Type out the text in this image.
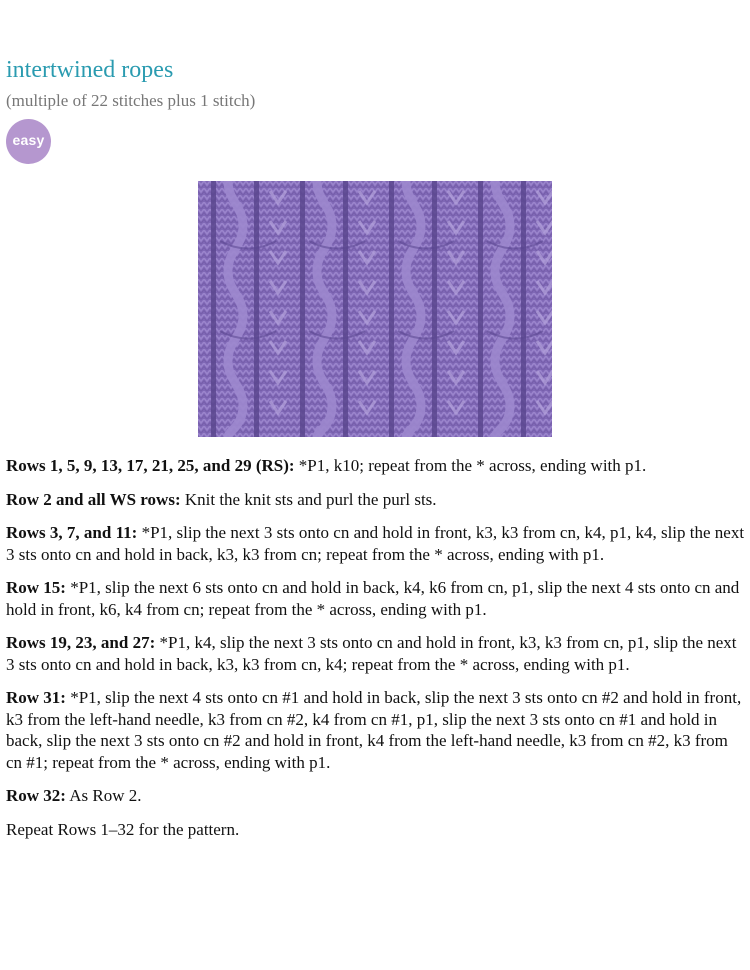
intertwined ropes
(multiple of 22 stitches plus 1 stitch)
easy

Rows 1, 5, 9, 13, 17, 21, 25, and 29 (RS): *P1, k10; repeat from the * across, ending with p1.

Row 2 and all WS rows: Knit the knit sts and purl the purl sts.

Rows 3, 7, and 11: *P1, slip the next 3 sts onto cn and hold in front, k3, k3 from cn, k4, p1, k4, slip the next 3 sts onto cn and hold in back, k3, k3 from cn; repeat from the * across, ending with p1.

Row 15: *P1, slip the next 6 sts onto cn and hold in back, k4, k6 from cn, p1, slip the next 4 sts onto cn and hold in front, k6, k4 from cn; repeat from the * across, ending with p1.

Rows 19, 23, and 27: *P1, k4, slip the next 3 sts onto cn and hold in front, k3, k3 from cn, p1, slip the next 3 sts onto cn and hold in back, k3, k3 from cn, k4; repeat from the * across, ending with p1.

Row 31: *P1, slip the next 4 sts onto cn #1 and hold in back, slip the next 3 sts onto cn #2 and hold in front, k3 from the left-hand needle, k3 from cn #2, k4 from cn #1, p1, slip the next 3 sts onto cn #1 and hold in back, slip the next 3 sts onto cn #2 and hold in front, k4 from the left-hand needle, k3 from cn #2, k3 from cn #1; repeat from the * across, ending with p1.

Row 32: As Row 2.

Repeat Rows 1–32 for the pattern.
